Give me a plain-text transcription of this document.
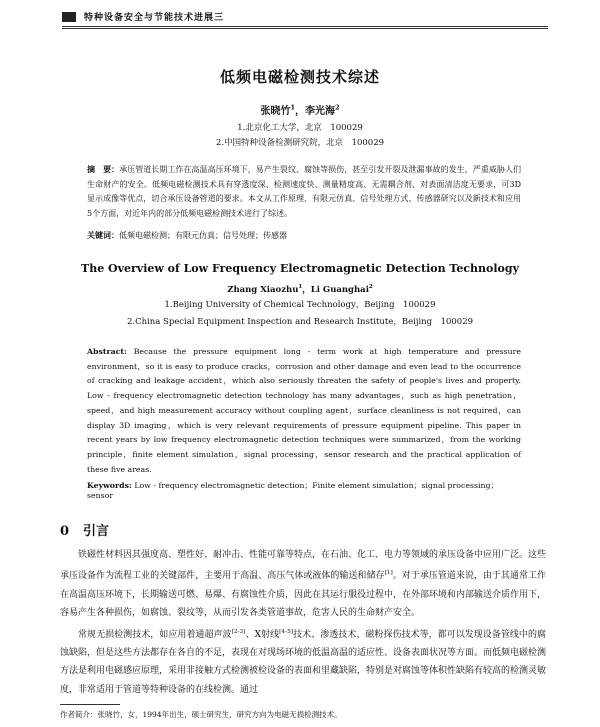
特种设备安全与节能技术进展三
低频电磁检测技术综述
张晓竹$^1$，李光海$^2$
1.北京化工大学，北京　100029
2.中国特种设备检测研究院，北京　100029
摘　要：承压管道长期工作在高温高压环境下，易产生裂纹、腐蚀等损伤，甚至引发开裂及泄漏事故的发生，严重威胁人们生命财产的安全。低频电磁检测技术具有穿透度深、检测速度快、测量精度高、无需耦合剂、对表面清洁度无要求，可3D显示成像等优点，切合承压设备管道的要求。本文从工作原理、有限元仿真、信号处理方式、传感器研究以及新技术和应用5个方面，对近年内的部分低频电磁检测技术进行了综述。
关键词：低频电磁检测；有限元仿真；信号处理；传感器
The Overview of Low Frequency Electromagnetic Detection Technology
Zhang Xiaozhu$^1$，Li Guanghai$^2$
1.Beijing University of Chemical Technology，Beijing　100029
2.China Special Equipment Inspection and Research Institute，Beijing　100029
Abstract: Because the pressure equipment long - term work at high temperature and pressure environment，so it is easy to produce cracks，corrosion and other damage and even lead to the occurrence of cracking and leakage accident，which also seriously threaten the safety of people's lives and property. Low - frequency electromagnetic detection technology has many advantages，such as high penetration，speed，and high measurement accuracy without coupling agent，surface cleanliness is not required，can display 3D imaging，which is very relevant requirements of pressure equipment pipeline. This paper in recent years by low frequency electromagnetic detection techniques were summarized，from the working principle，finite element simulation，signal processing，sensor research and the practical application of these five areas.
Keywords: Low - frequency electromagnetic detection；Finite element simulation；signal processing；sensor
0 引言

铁磁性材料因其强度高、塑性好、耐冲击、性能可靠等特点，在石油、化工、电力等领域的承压设备中应用广泛。这些承压设备作为流程工业的关键部件，主要用于高温、高压气体或液体的输送和储存[1]。对于承压管道来说，由于其通常工作在高温高压环境下，长期输送可燃、易爆、有腐蚀性介质，因此在其运行服役过程中，在外部环境和内部输送介质作用下，容易产生各种损伤，如腐蚀、裂纹等，从而引发各类管道事故，危害人民的生命财产安全。

常规无损检测技术，如应用着通超声波[2-3]、X射线[4-5]技术、渗透技术、磁粉探伤技术等，都可以发现设备管线中的腐蚀缺陷，但是这些方法都存在各自的不足，表现在对现场环境的低温高温的适应性、设备表面状况等方面。而低频电磁检测方法是利用电磁感应原理，采用非接触方式检测被检设备的表面和里藏缺陷，特别是对腐蚀等体积性缺陷有较高的检测灵敏度，非常适用于管道等特种设备的在线检测。通过

作者简介：张晓竹，女，1994年出生，硕士研究生，研究方向为电磁无损检测技术。
